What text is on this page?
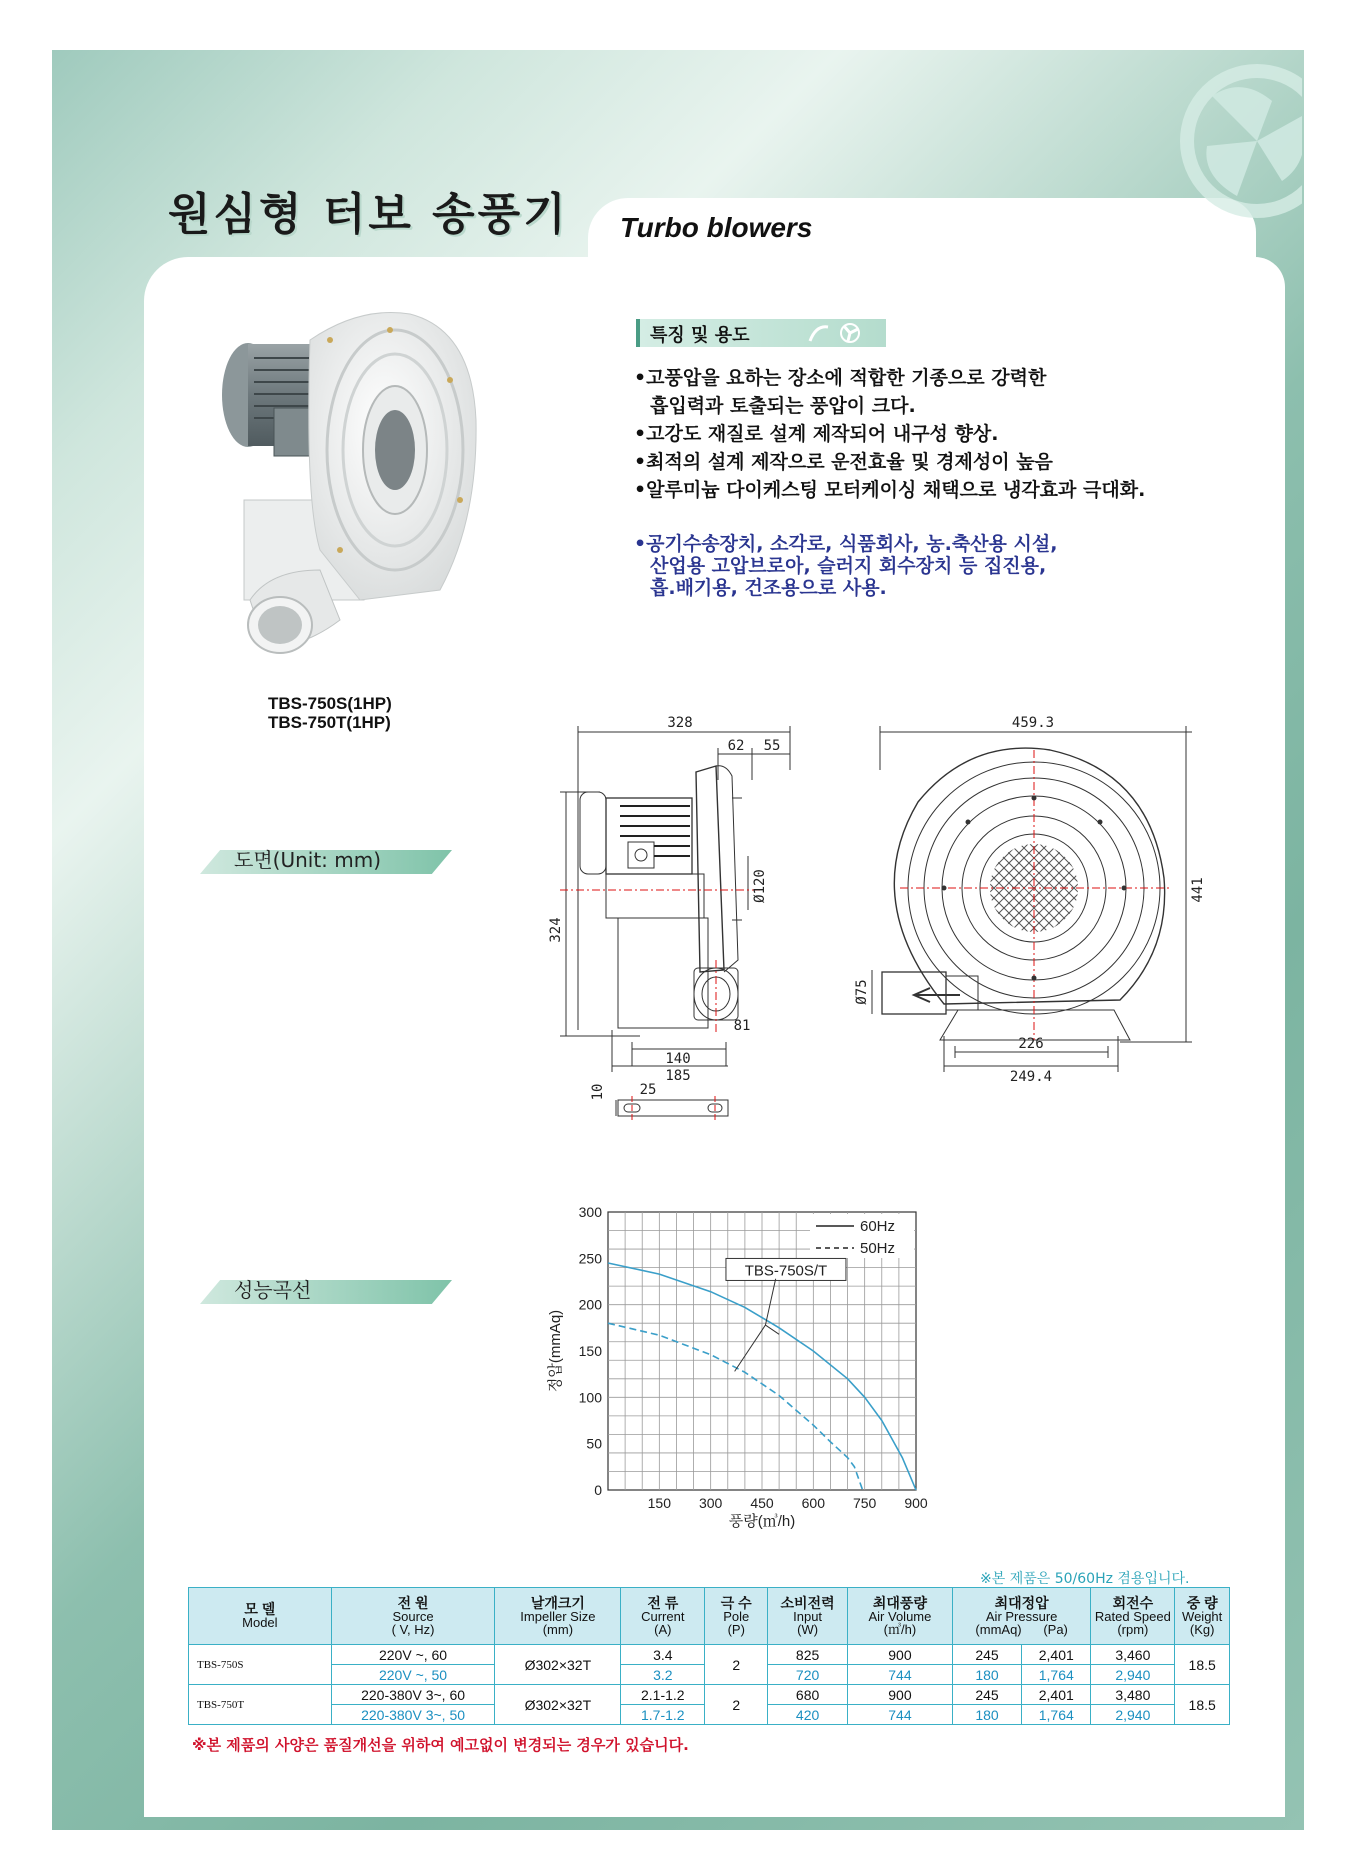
원심형 터보 송풍기 Turbo blowers
특징 및 용도
•고풍압을 요하는 장소에 적합한 기종으로 강력한
흡입력과 토출되는 풍압이 크다.
•고강도 재질로 설계 제작되어 내구성 향상.
•최적의 설계 제작으로 운전효율 및 경제성이 높음
•알루미늄 다이케스팅 모터케이싱 채택으로 냉각효과 극대화.
•공기수송장치, 소각로, 식품회사, 농.축산용 시설,
산업용 고압브로아, 슬러지 회수장치 등 집진용,
흡.배기용, 건조용으로 사용.
TBS-750S(1HP)
TBS-750T(1HP)
도면(Unit: mm)
성능곡선
328
62 55
Ø120
324
81
140
185
10 25
459.3
441
Ø75
226
249.4
150 300 450 600 750 900
0
50
100
150
200
250
300
풍량(㎥/h)
정압(mmAq)
60Hz
50Hz
TBS-750S/T
※본 제품은 50/60Hz 겸용입니다.
모 델
Model	전 원
Source
( V, Hz)	날개크기
Impeller Size
(mm)	전 류
Current
(A)	극 수
Pole
(P)	소비전력
Input
(W)	최대풍량
Air Volume
(㎥/h)	최대정압
Air Pressure
(mmAq) (Pa)		회전수
Rated Speed
(rpm)	중 량
Weight
(Kg)
TBS-750S	220V ~, 60	Ø302×32T	3.4	2	825	900	245	2,401	3,460	18.5
	220V ~, 50		3.2		720	744	180	1,764	2,940	
TBS-750T	220-380V 3~, 60	Ø302×32T	2.1-1.2	2	680	900	245	2,401	3,480	18.5
	220-380V 3~, 50		1.7-1.2		420	744	180	1,764	2,940	
※본 제품의 사양은 품질개선을 위하여 예고없이 변경되는 경우가 있습니다.
